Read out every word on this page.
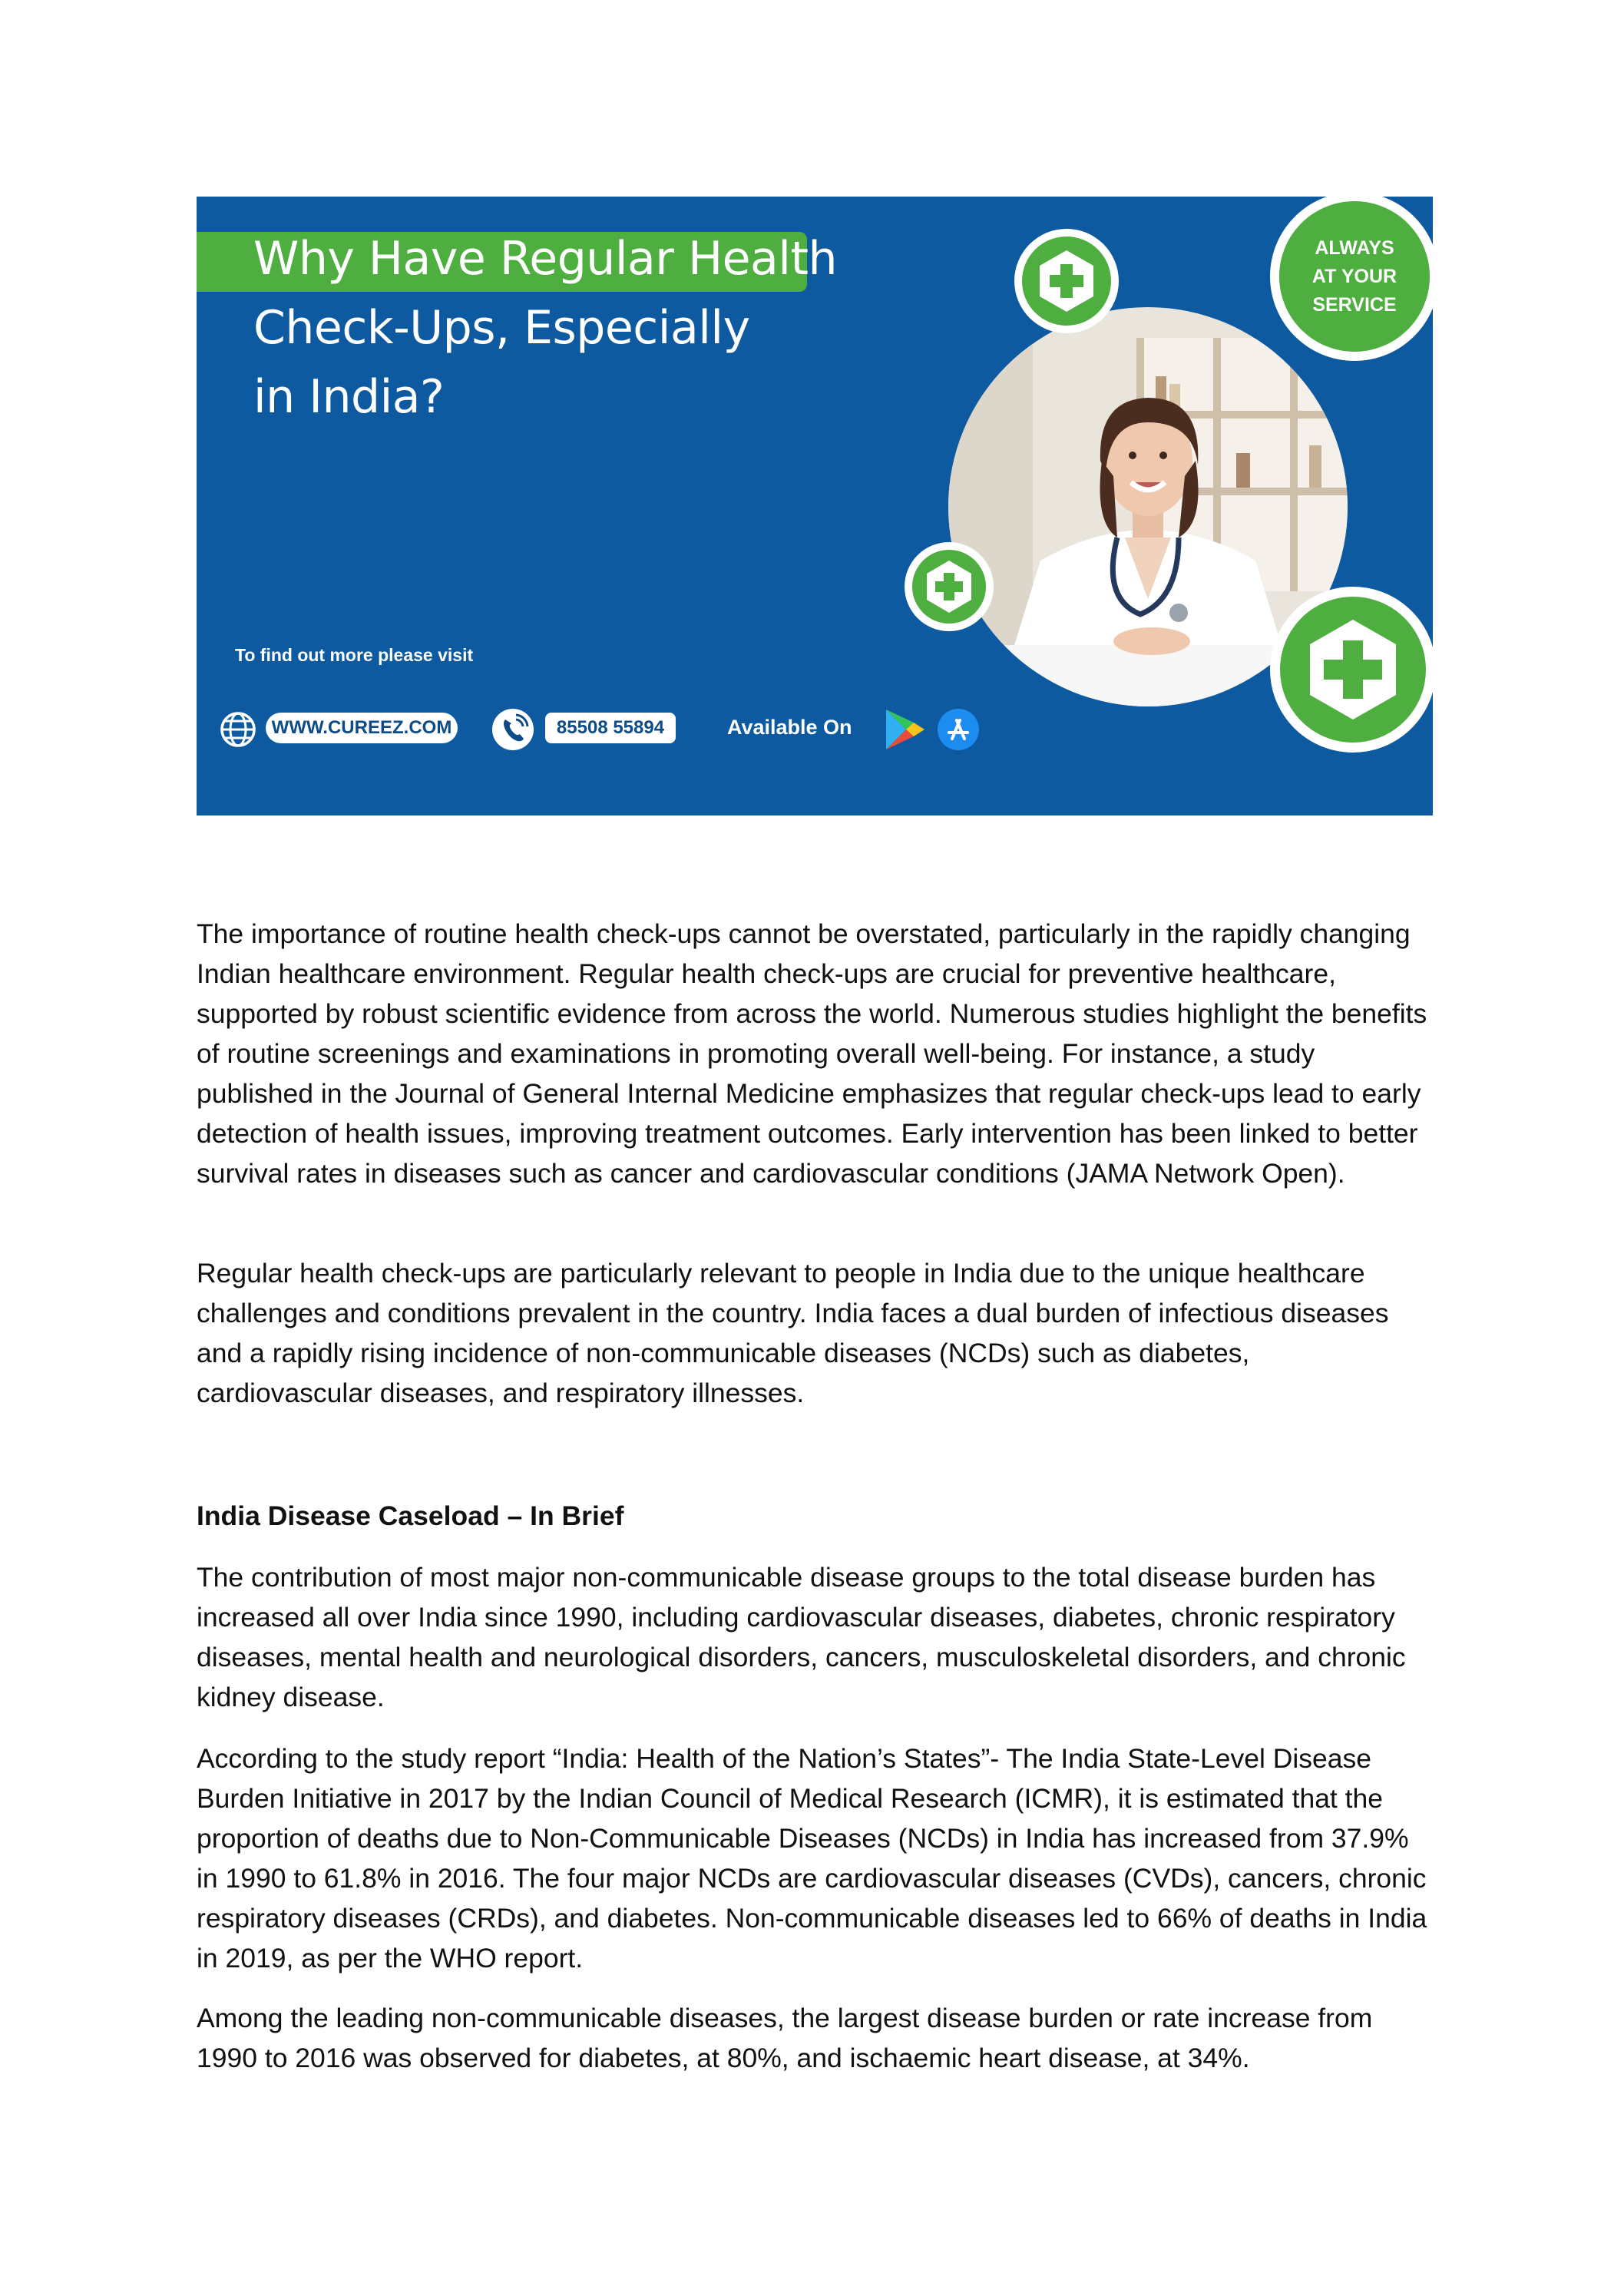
Why Have Regular Health
Check-Ups, Especially
in India?
ALWAYS
AT YOUR
SERVICE
To find out more please visit
WWW.CUREEZ.COM	85508 55894	Available On

The importance of routine health check-ups cannot be overstated, particularly in the rapidly changing Indian healthcare environment. Regular health check-ups are crucial for preventive healthcare, supported by robust scientific evidence from across the world. Numerous studies highlight the benefits of routine screenings and examinations in promoting overall well-being. For instance, a study published in the Journal of General Internal Medicine emphasizes that regular check-ups lead to early detection of health issues, improving treatment outcomes. Early intervention has been linked to better survival rates in diseases such as cancer and cardiovascular conditions (JAMA Network Open).

Regular health check-ups are particularly relevant to people in India due to the unique healthcare challenges and conditions prevalent in the country. India faces a dual burden of infectious diseases and a rapidly rising incidence of non-communicable diseases (NCDs) such as diabetes, cardiovascular diseases, and respiratory illnesses.

India Disease Caseload – In Brief

The contribution of most major non-communicable disease groups to the total disease burden has increased all over India since 1990, including cardiovascular diseases, diabetes, chronic respiratory diseases, mental health and neurological disorders, cancers, musculoskeletal disorders, and chronic kidney disease.

According to the study report “India: Health of the Nation’s States”- The India State-Level Disease Burden Initiative in 2017 by the Indian Council of Medical Research (ICMR), it is estimated that the proportion of deaths due to Non-Communicable Diseases (NCDs) in India has increased from 37.9% in 1990 to 61.8% in 2016. The four major NCDs are cardiovascular diseases (CVDs), cancers, chronic respiratory diseases (CRDs), and diabetes. Non-communicable diseases led to 66% of deaths in India in 2019, as per the WHO report.

Among the leading non-communicable diseases, the largest disease burden or rate increase from 1990 to 2016 was observed for diabetes, at 80%, and ischaemic heart disease, at 34%.
